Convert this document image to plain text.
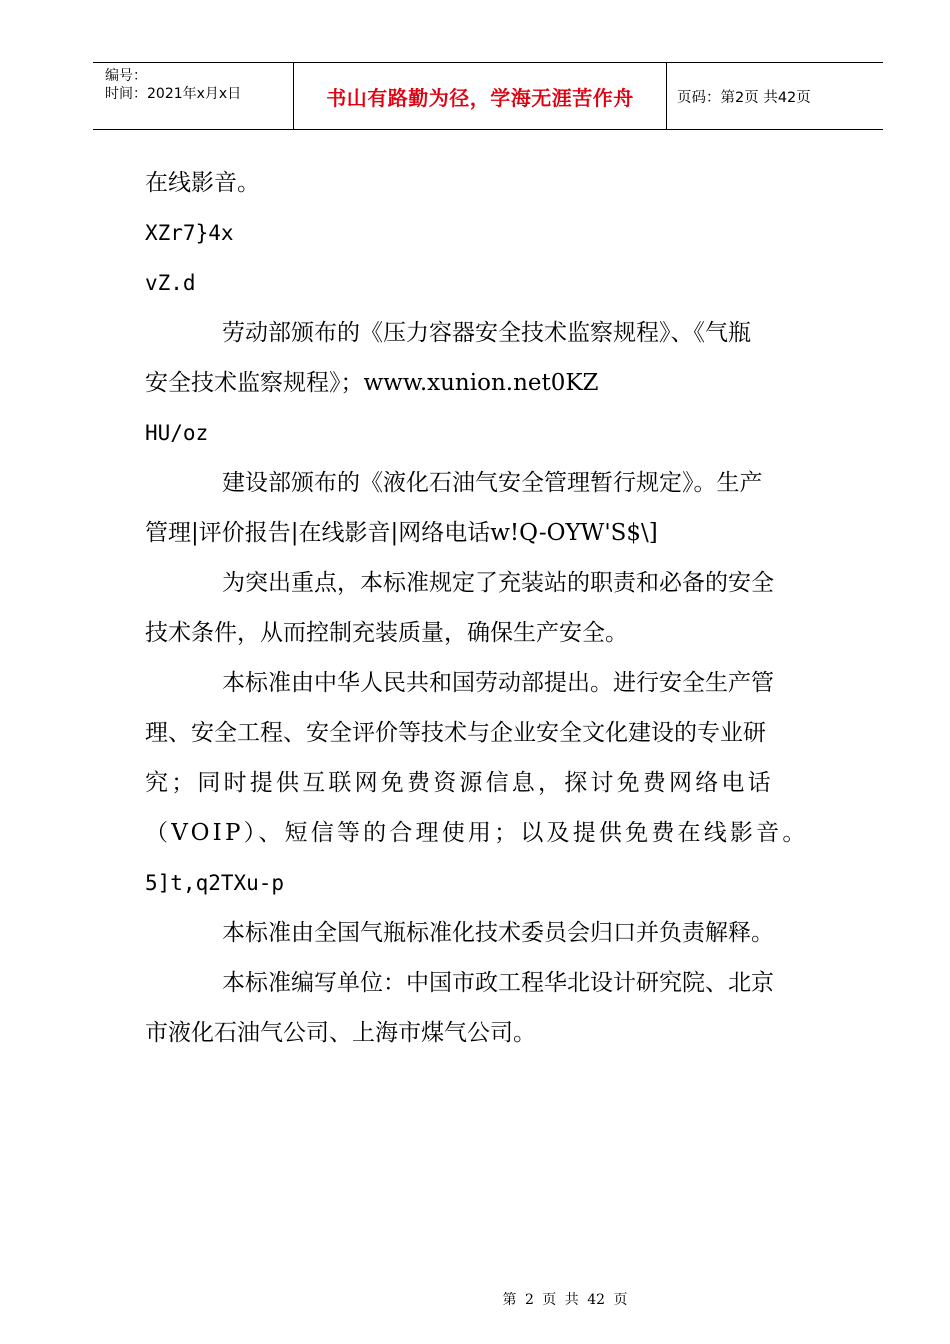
编号：
时间：2021年x月x日	书山有路勤为径，学海无涯苦作舟	页码：第2页 共42页

在线影音。

XZr7}4x

vZ.d

劳动部颁布的《压力容器安全技术监察规程》、《气瓶

安全技术监察规程》；www.xunion.net0KZ

HU/oz

建设部颁布的《液化石油气安全管理暂行规定》。生产

管理|评价报告|在线影音|网络电话w!Q-OYW'S$\]

为突出重点，本标准规定了充装站的职责和必备的安全

技术条件，从而控制充装质量，确保生产安全。

本标准由中华人民共和国劳动部提出。进行安全生产管

理、安全工程、安全评价等技术与企业安全文化建设的专业研

究；同时提供互联网免费资源信息，探讨免费网络电话

（VOIP）、短信等的合理使用；以及提供免费在线影音。

5]t,q2TXu-p

本标准由全国气瓶标准化技术委员会归口并负责解释。

本标准编写单位：中国市政工程华北设计研究院、北京

市液化石油气公司、上海市煤气公司。

第 2 页 共 42 页
